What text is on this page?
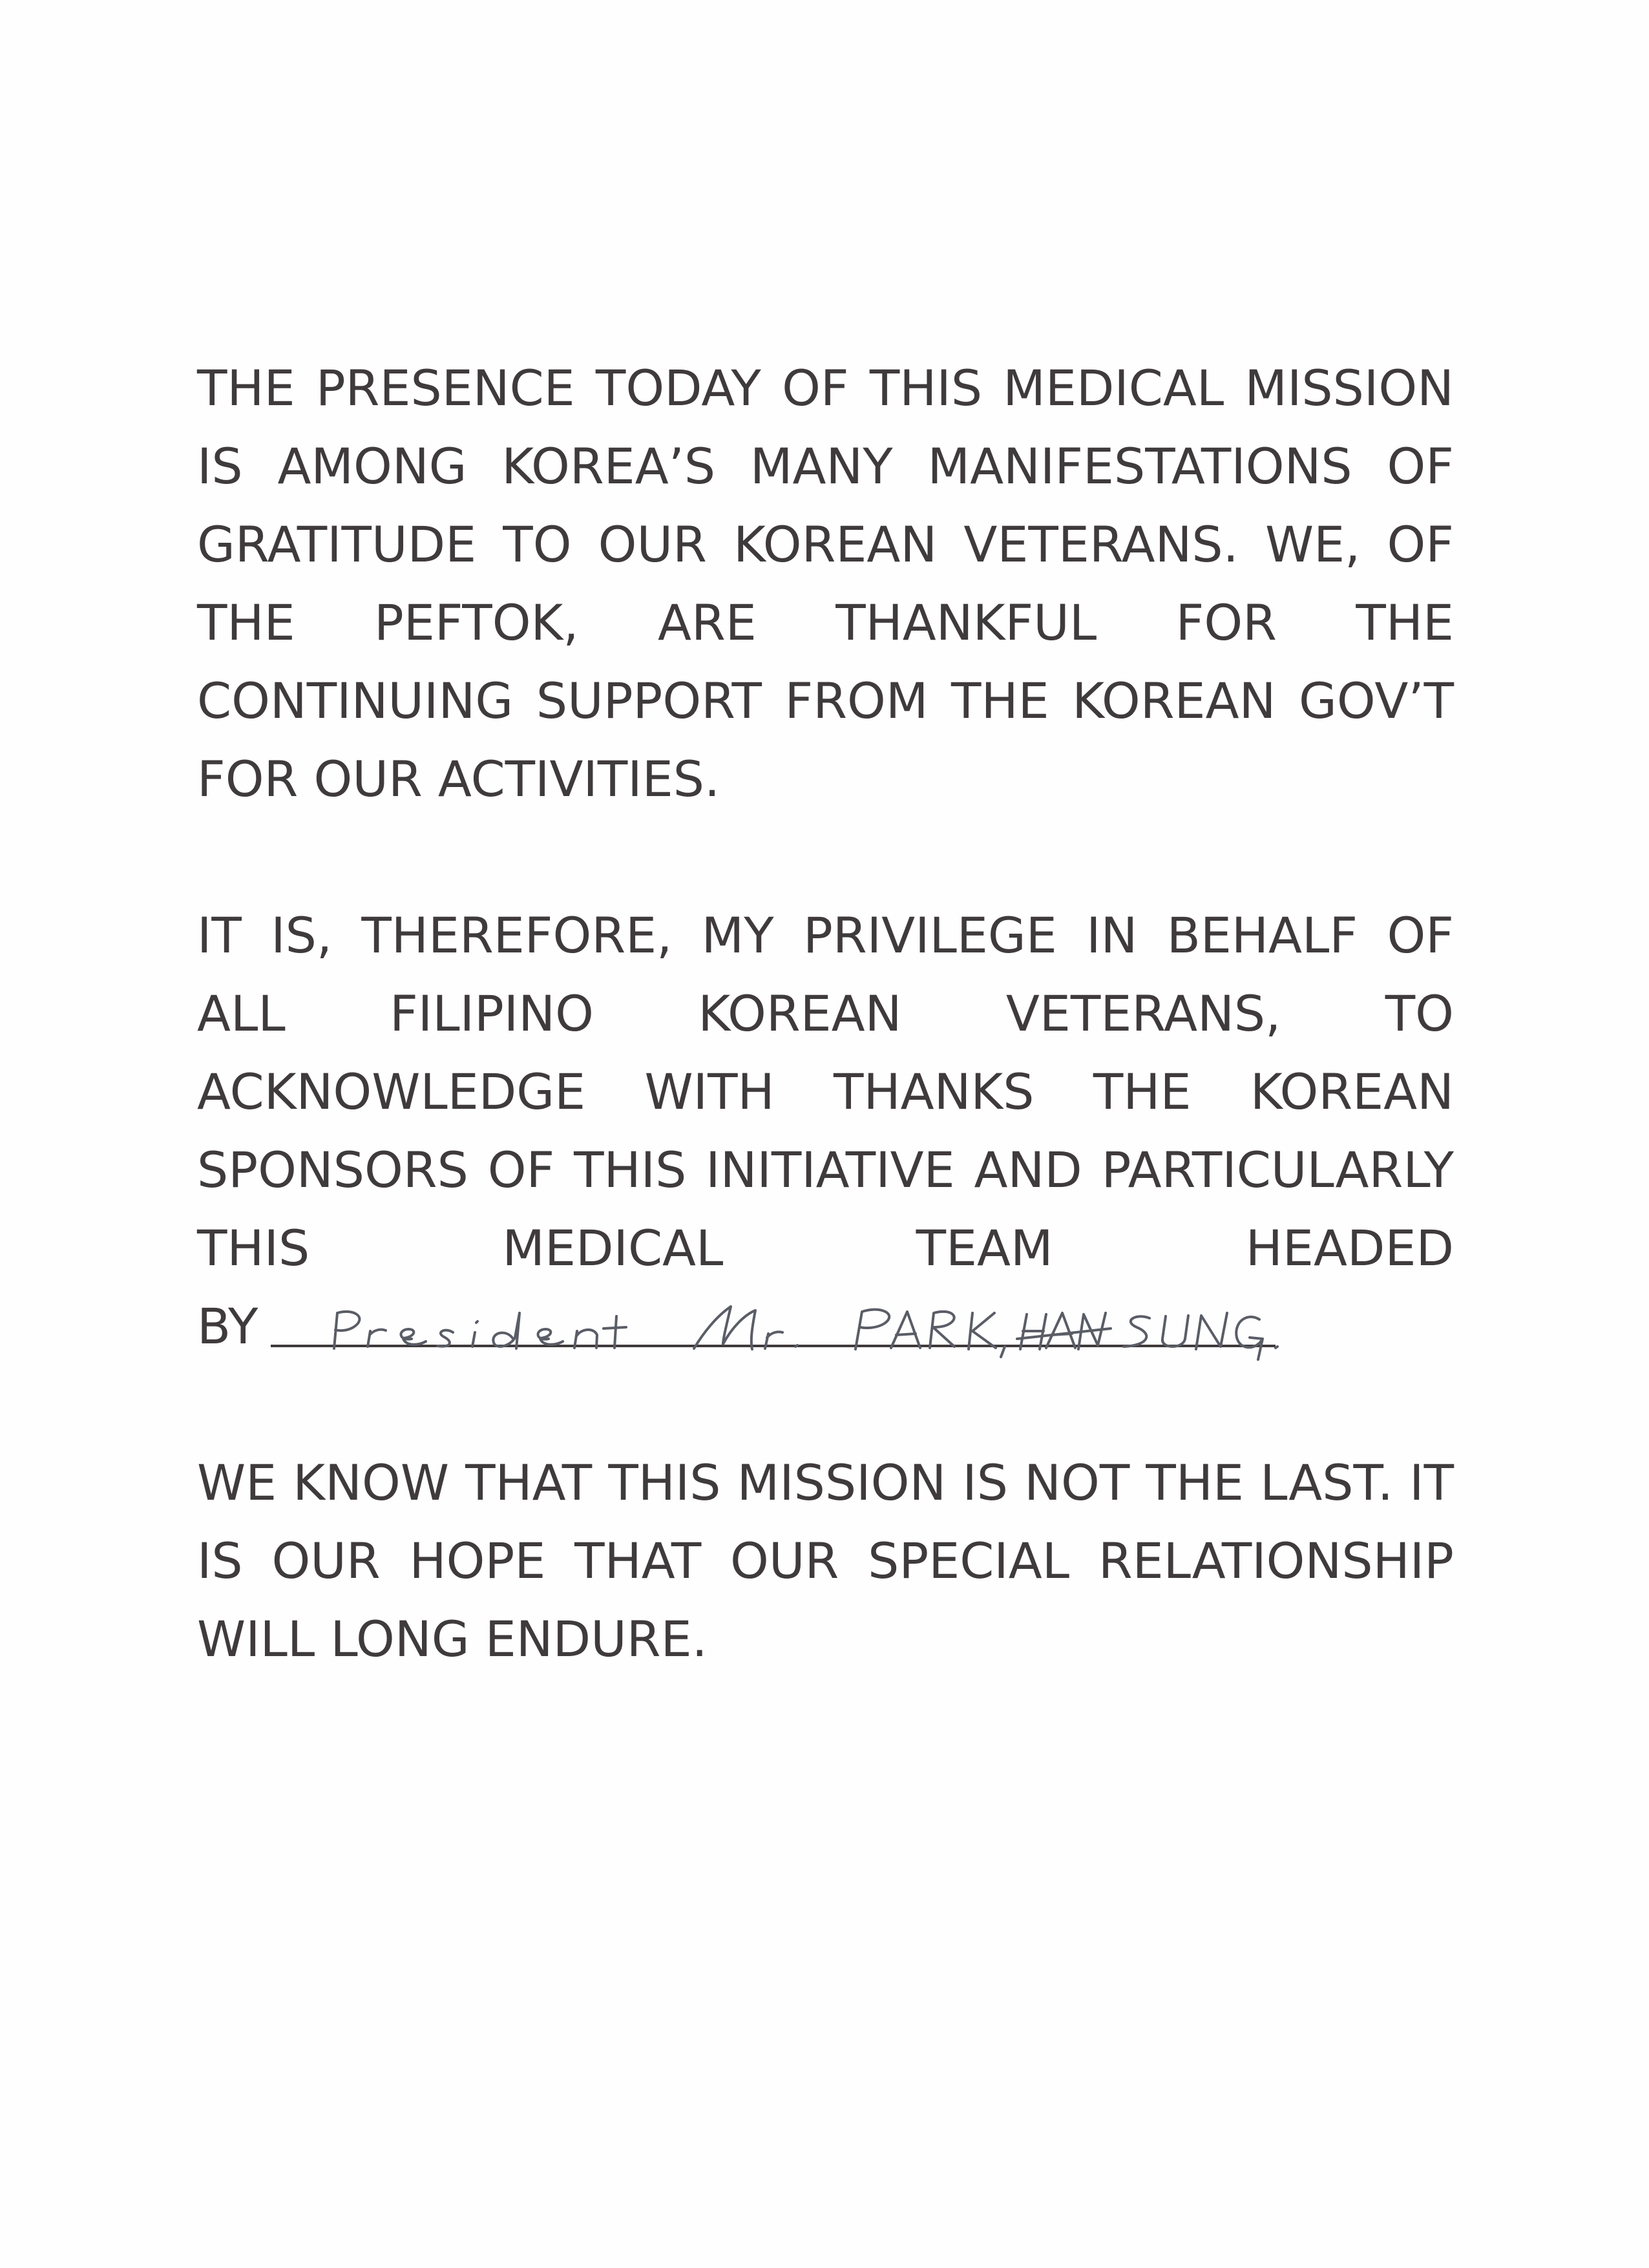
THE PRESENCE TODAY OF THIS MEDICAL MISSION IS AMONG KOREA’S MANY MANIFESTATIONS OF GRATITUDE TO OUR KOREAN VETERANS. WE, OF THE PEFTOK, ARE THANKFUL FOR THE CONTINUING SUPPORT FROM THE KOREAN GOV’T FOR OUR ACTIVITIES.

IT IS, THEREFORE, MY PRIVILEGE IN BEHALF OF ALL FILIPINO KOREAN VETERANS, TO ACKNOWLEDGE WITH THANKS THE KOREAN SPONSORS OF THIS INITIATIVE AND PARTICULARLY THIS MEDICAL TEAM HEADED

BY

WE KNOW THAT THIS MISSION IS NOT THE LAST. IT IS OUR HOPE THAT OUR SPECIAL RELATIONSHIP WILL LONG ENDURE.
